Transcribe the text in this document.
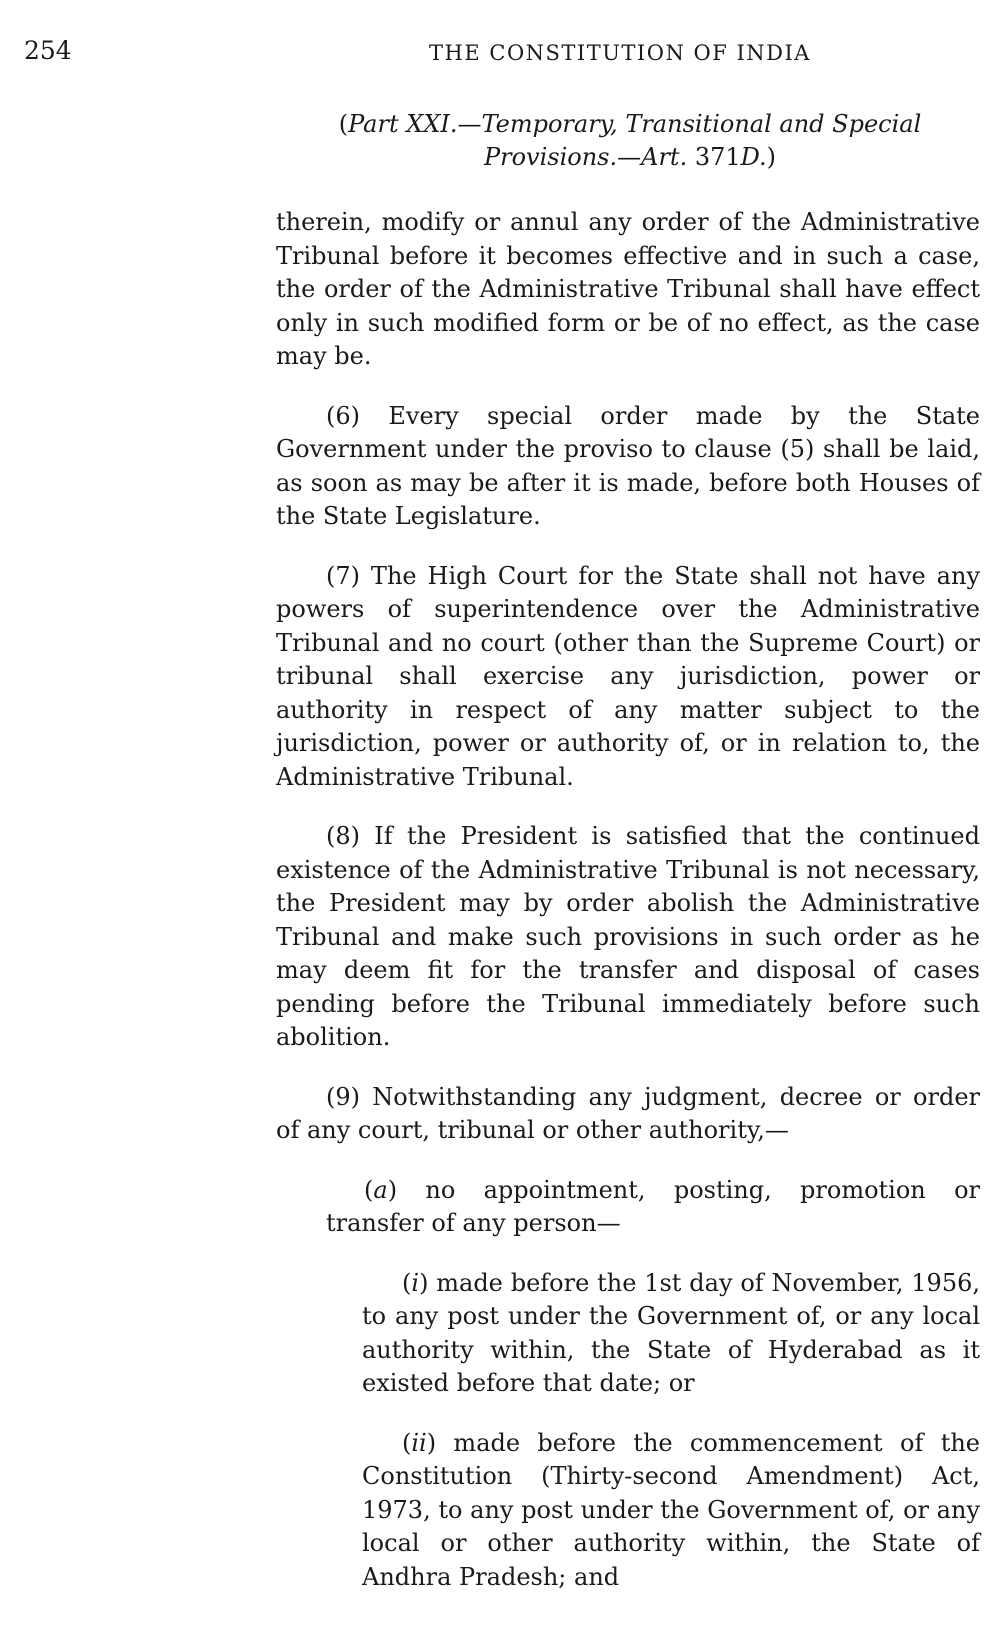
254	THE CONSTITUTION OF INDIA
(Part XXI.—Temporary, Transitional and Special Provisions.—Art. 371D.)

therein, modify or annul any order of the Administrative Tribunal before it becomes effective and in such a case, the order of the Administrative Tribunal shall have effect only in such modified form or be of no effect, as the case may be.

(6) Every special order made by the State Government under the proviso to clause (5) shall be laid, as soon as may be after it is made, before both Houses of the State Legislature.

(7) The High Court for the State shall not have any powers of superintendence over the Administrative Tribunal and no court (other than the Supreme Court) or tribunal shall exercise any jurisdiction, power or authority in respect of any matter subject to the jurisdiction, power or authority of, or in relation to, the Administrative Tribunal.

(8) If the President is satisfied that the continued existence of the Administrative Tribunal is not necessary, the President may by order abolish the Administrative Tribunal and make such provisions in such order as he may deem fit for the transfer and disposal of cases pending before the Tribunal immediately before such abolition.

(9) Notwithstanding any judgment, decree or order of any court, tribunal or other authority,—

(a) no appointment, posting, promotion or transfer of any person—

(i) made before the 1st day of November, 1956, to any post under the Government of, or any local authority within, the State of Hyderabad as it existed before that date; or

(ii) made before the commencement of the Constitution (Thirty-second Amendment) Act, 1973, to any post under the Government of, or any local or other authority within, the State of Andhra Pradesh; and
